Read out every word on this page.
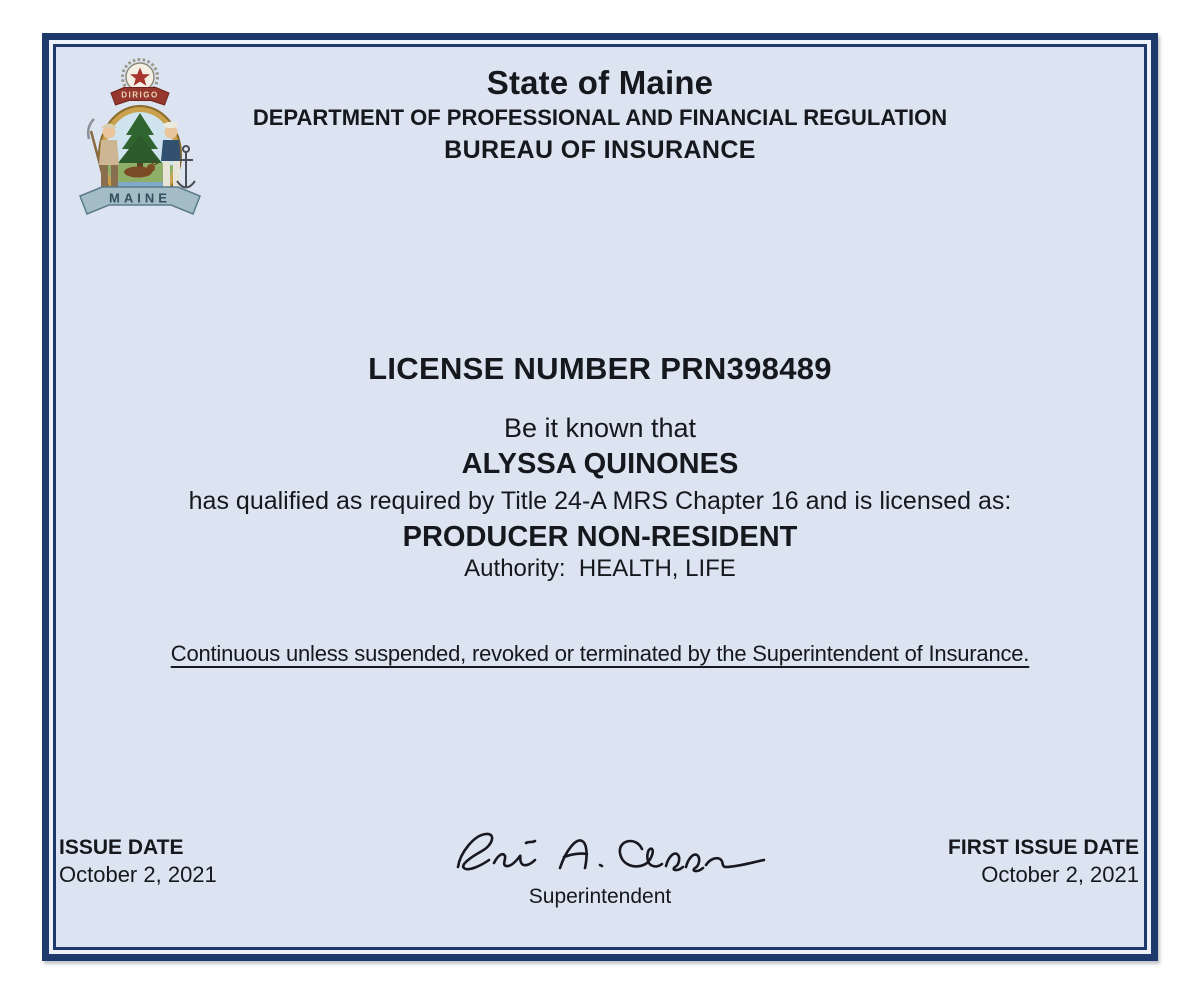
DIRIGO
MAINE
State of Maine
DEPARTMENT OF PROFESSIONAL AND FINANCIAL REGULATION
BUREAU OF INSURANCE
LICENSE NUMBER PRN398489
Be it known that
ALYSSA QUINONES
has qualified as required by Title 24-A MRS Chapter 16 and is licensed as:
PRODUCER NON-RESIDENT
Authority:  HEALTH, LIFE
Continuous unless suspended, revoked or terminated by the Superintendent of Insurance.
ISSUE DATE
October 2, 2021
Superintendent
FIRST ISSUE DATE
October 2, 2021
